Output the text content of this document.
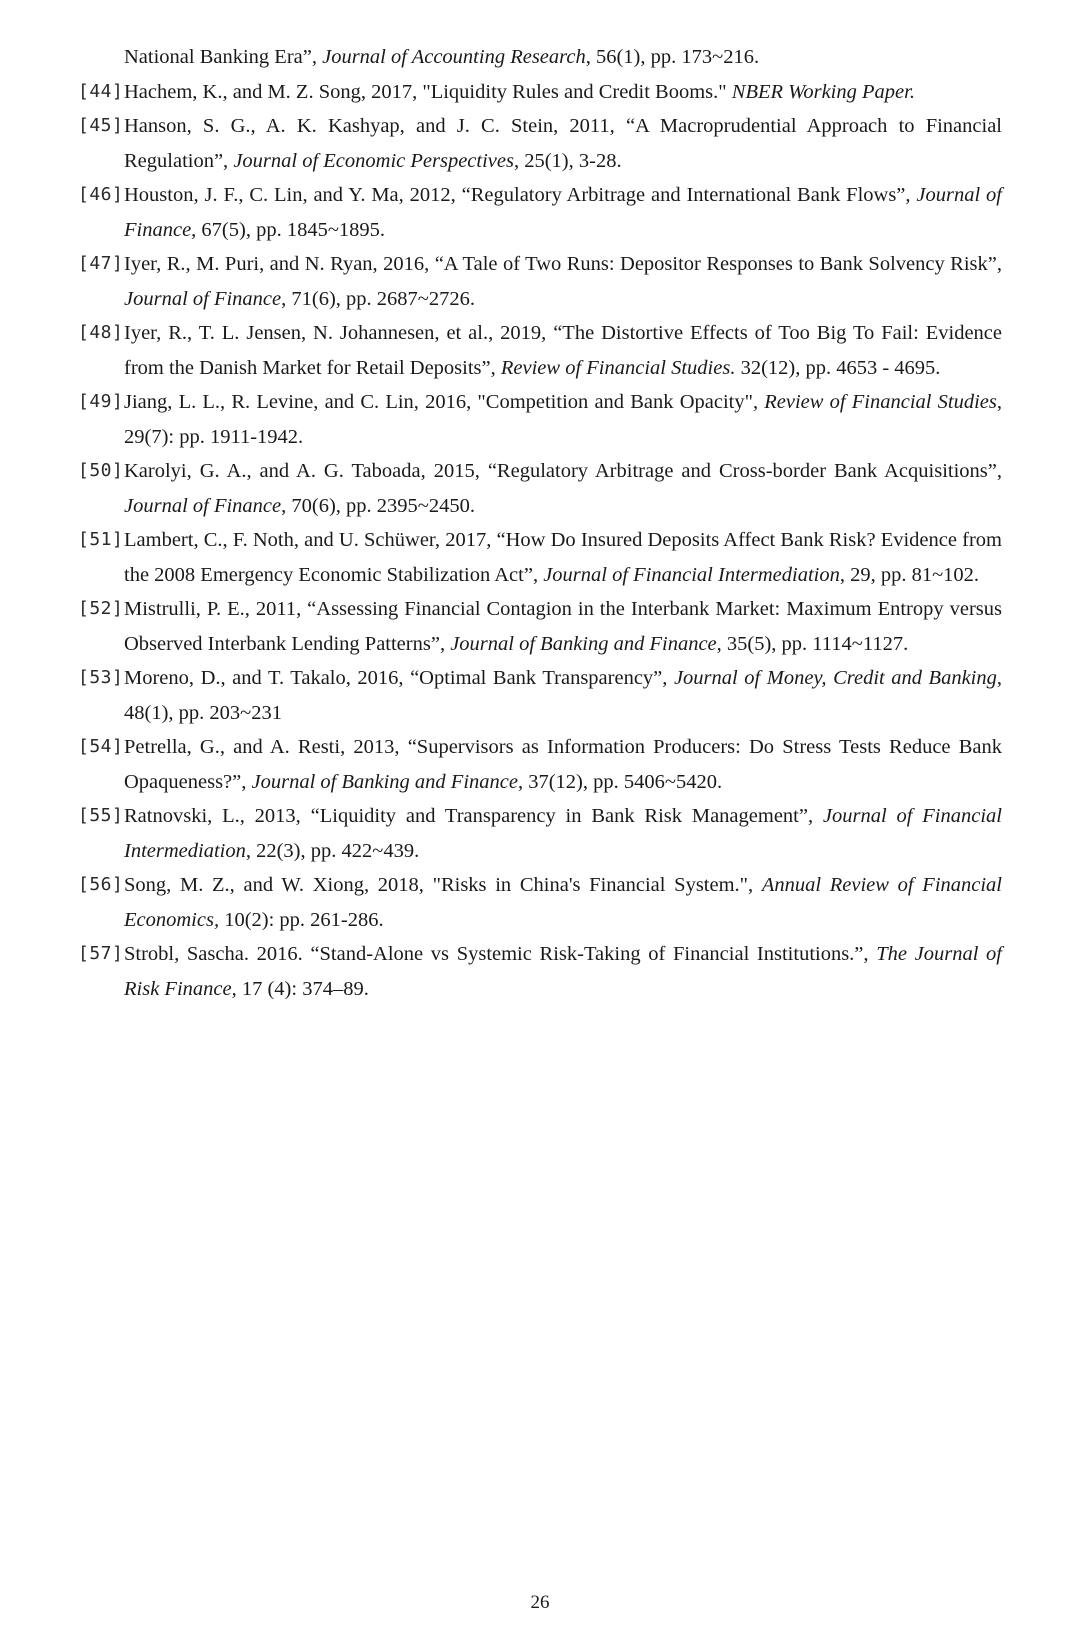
National Banking Era”, Journal of Accounting Research, 56(1), pp. 173~216.
[44] Hachem, K., and M. Z. Song, 2017, "Liquidity Rules and Credit Booms." NBER Working Paper.
[45] Hanson, S. G., A. K. Kashyap, and J. C. Stein, 2011, “A Macroprudential Approach to Financial Regulation”, Journal of Economic Perspectives, 25(1), 3-28.
[46] Houston, J. F., C. Lin, and Y. Ma, 2012, “Regulatory Arbitrage and International Bank Flows”, Journal of Finance, 67(5), pp. 1845~1895.
[47] Iyer, R., M. Puri, and N. Ryan, 2016, “A Tale of Two Runs: Depositor Responses to Bank Solvency Risk”, Journal of Finance, 71(6), pp. 2687~2726.
[48] Iyer, R., T. L. Jensen, N. Johannesen, et al., 2019, “The Distortive Effects of Too Big To Fail: Evidence from the Danish Market for Retail Deposits”, Review of Financial Studies. 32(12), pp. 4653 - 4695.
[49] Jiang, L. L., R. Levine, and C. Lin, 2016, "Competition and Bank Opacity", Review of Financial Studies, 29(7): pp. 1911-1942.
[50] Karolyi, G. A., and A. G. Taboada, 2015, “Regulatory Arbitrage and Cross-border Bank Acquisitions”, Journal of Finance, 70(6), pp. 2395~2450.
[51] Lambert, C., F. Noth, and U. Schüwer, 2017, “How Do Insured Deposits Affect Bank Risk? Evidence from the 2008 Emergency Economic Stabilization Act”, Journal of Financial Intermediation, 29, pp. 81~102.
[52] Mistrulli, P. E., 2011, “Assessing Financial Contagion in the Interbank Market: Maximum Entropy versus Observed Interbank Lending Patterns”, Journal of Banking and Finance, 35(5), pp. 1114~1127.
[53] Moreno, D., and T. Takalo, 2016, “Optimal Bank Transparency”, Journal of Money, Credit and Banking, 48(1), pp. 203~231
[54] Petrella, G., and A. Resti, 2013, “Supervisors as Information Producers: Do Stress Tests Reduce Bank Opaqueness?”, Journal of Banking and Finance, 37(12), pp. 5406~5420.
[55] Ratnovski, L., 2013, “Liquidity and Transparency in Bank Risk Management”, Journal of Financial Intermediation, 22(3), pp. 422~439.
[56] Song, M. Z., and W. Xiong, 2018, "Risks in China's Financial System.", Annual Review of Financial Economics, 10(2): pp. 261-286.
[57] Strobl, Sascha. 2016. “Stand-Alone vs Systemic Risk-Taking of Financial Institutions.”, The Journal of Risk Finance, 17 (4): 374–89.
26
